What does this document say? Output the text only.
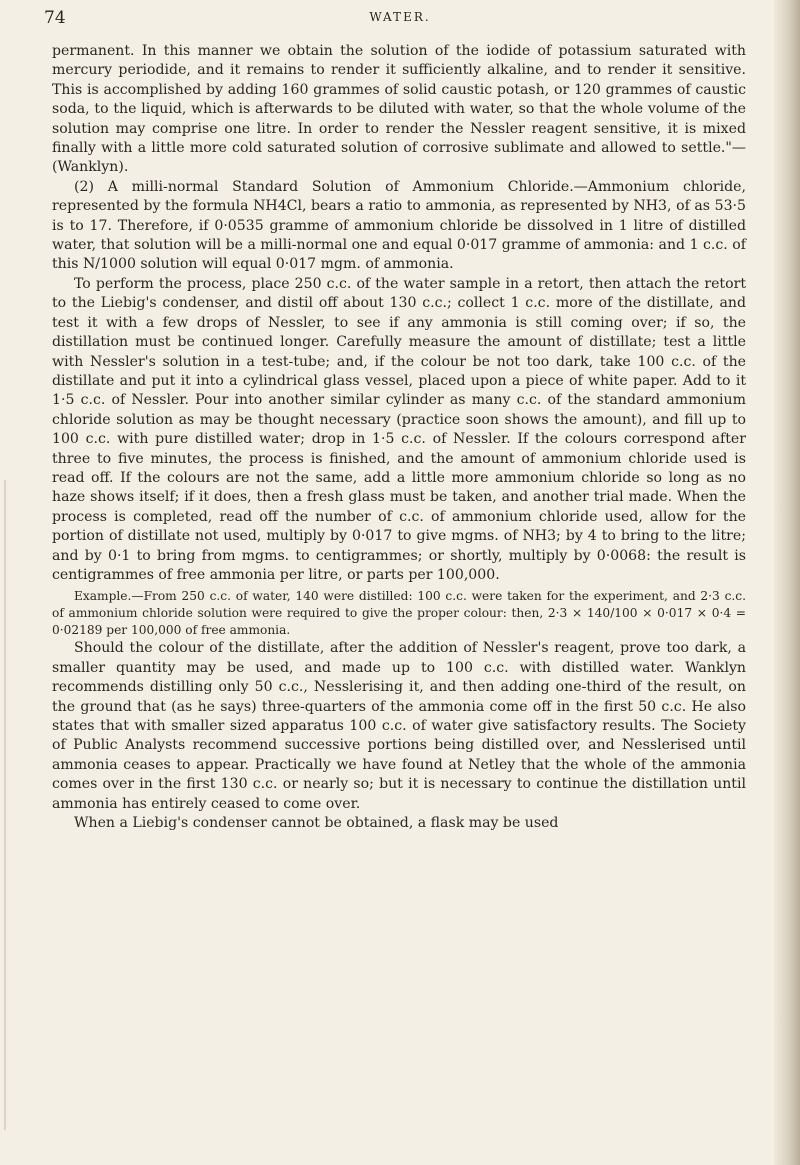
74	WATER.

permanent. In this manner we obtain the solution of the iodide of potassium saturated with mercury periodide, and it remains to render it sufficiently alkaline, and to render it sensitive. This is accomplished by adding 160 grammes of solid caustic potash, or 120 grammes of caustic soda, to the liquid, which is afterwards to be diluted with water, so that the whole volume of the solution may comprise one litre. In order to render the Nessler reagent sensitive, it is mixed finally with a little more cold saturated solution of corrosive sublimate and allowed to settle."—(Wanklyn).

(2) A milli-normal Standard Solution of Ammonium Chloride.—Ammonium chloride, represented by the formula NH4Cl, bears a ratio to ammonia, as represented by NH3, of as 53·5 is to 17. Therefore, if 0·0535 gramme of ammonium chloride be dissolved in 1 litre of distilled water, that solution will be a milli-normal one and equal 0·017 gramme of ammonia: and 1 c.c. of this N/1000 solution will equal 0·017 mgm. of ammonia.

To perform the process, place 250 c.c. of the water sample in a retort, then attach the retort to the Liebig's condenser, and distil off about 130 c.c.; collect 1 c.c. more of the distillate, and test it with a few drops of Nessler, to see if any ammonia is still coming over; if so, the distillation must be continued longer. Carefully measure the amount of distillate; test a little with Nessler's solution in a test-tube; and, if the colour be not too dark, take 100 c.c. of the distillate and put it into a cylindrical glass vessel, placed upon a piece of white paper. Add to it 1·5 c.c. of Nessler. Pour into another similar cylinder as many c.c. of the standard ammonium chloride solution as may be thought necessary (practice soon shows the amount), and fill up to 100 c.c. with pure distilled water; drop in 1·5 c.c. of Nessler. If the colours correspond after three to five minutes, the process is finished, and the amount of ammonium chloride used is read off. If the colours are not the same, add a little more ammonium chloride so long as no haze shows itself; if it does, then a fresh glass must be taken, and another trial made. When the process is completed, read off the number of c.c. of ammonium chloride used, allow for the portion of distillate not used, multiply by 0·017 to give mgms. of NH3; by 4 to bring to the litre; and by 0·1 to bring from mgms. to centigrammes; or shortly, multiply by 0·0068: the result is centigrammes of free ammonia per litre, or parts per 100,000.

Example.—From 250 c.c. of water, 140 were distilled: 100 c.c. were taken for the experiment, and 2·3 c.c. of ammonium chloride solution were required to give the proper colour: then, 2·3 × 140/100 × 0·017 × 0·4 = 0·02189 per 100,000 of free ammonia.

Should the colour of the distillate, after the addition of Nessler's reagent, prove too dark, a smaller quantity may be used, and made up to 100 c.c. with distilled water. Wanklyn recommends distilling only 50 c.c., Nesslerising it, and then adding one-third of the result, on the ground that (as he says) three-quarters of the ammonia come off in the first 50 c.c. He also states that with smaller sized apparatus 100 c.c. of water give satisfactory results. The Society of Public Analysts recommend successive portions being distilled over, and Nesslerised until ammonia ceases to appear. Practically we have found at Netley that the whole of the ammonia comes over in the first 130 c.c. or nearly so; but it is necessary to continue the distillation until ammonia has entirely ceased to come over.

When a Liebig's condenser cannot be obtained, a flask may be used
